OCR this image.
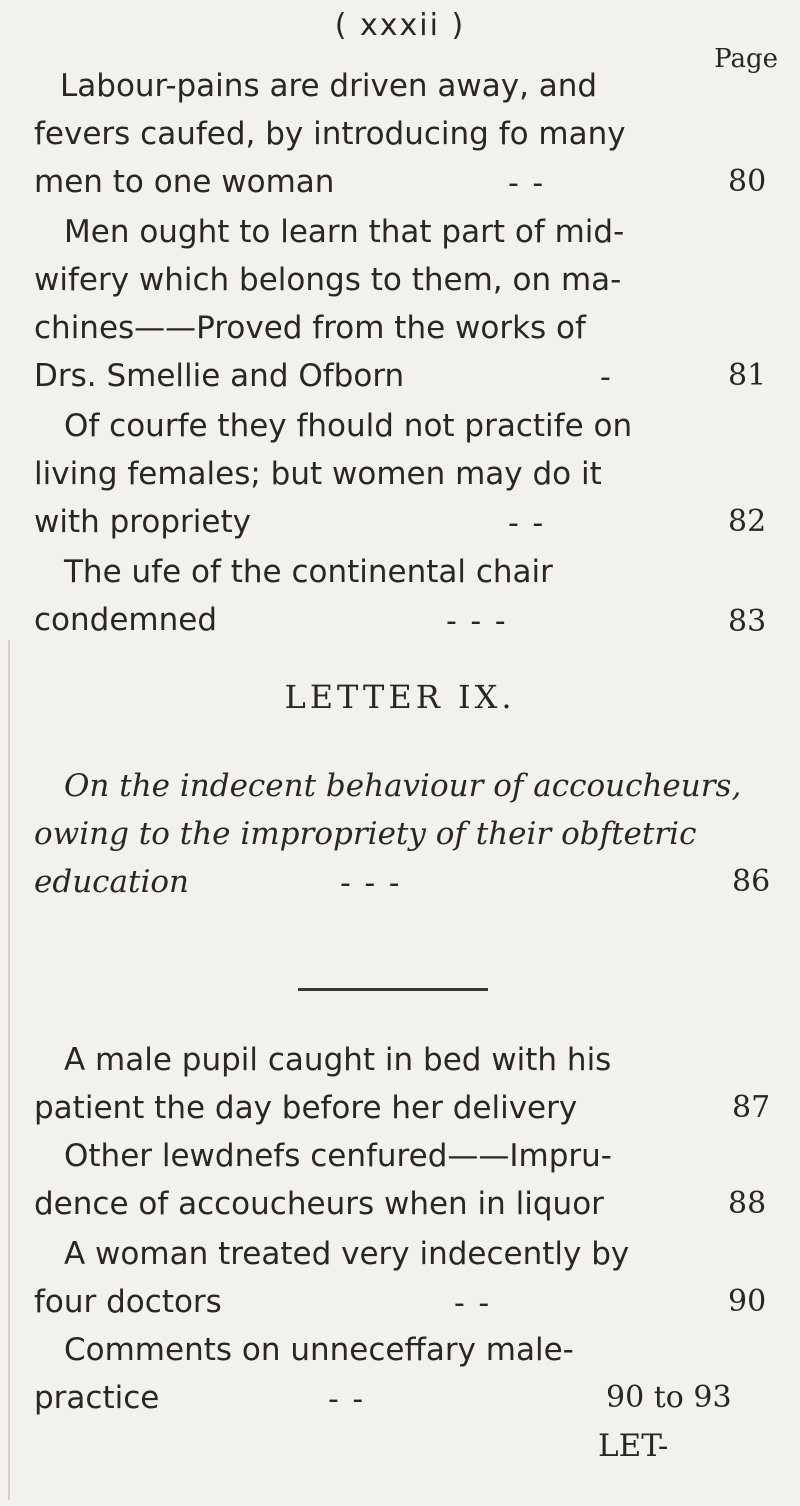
( xxxii )
Page
Labour-pains are driven away, and
fevers caufed, by introducing fo many
men to one woman	- -	80
Men ought to learn that part of mid-
wifery which belongs to them, on ma-
chines——Proved from the works of
Drs. Smellie and Ofborn	-	81
Of courfe they fhould not practife on
living females; but women may do it
with propriety	- -	82
The ufe of the continental chair
condemned	- - -	83
LETTER IX.
On the indecent behaviour of accoucheurs,
owing to the impropriety of their obftetric
education	- - -	86
A male pupil caught in bed with his
patient the day before her delivery	87
Other lewdnefs cenfured——Impru-
dence of accoucheurs when in liquor	88
A woman treated very indecently by
four doctors	- -	90
Comments on unneceffary male-
practice	- -	90 to 93
LET-
